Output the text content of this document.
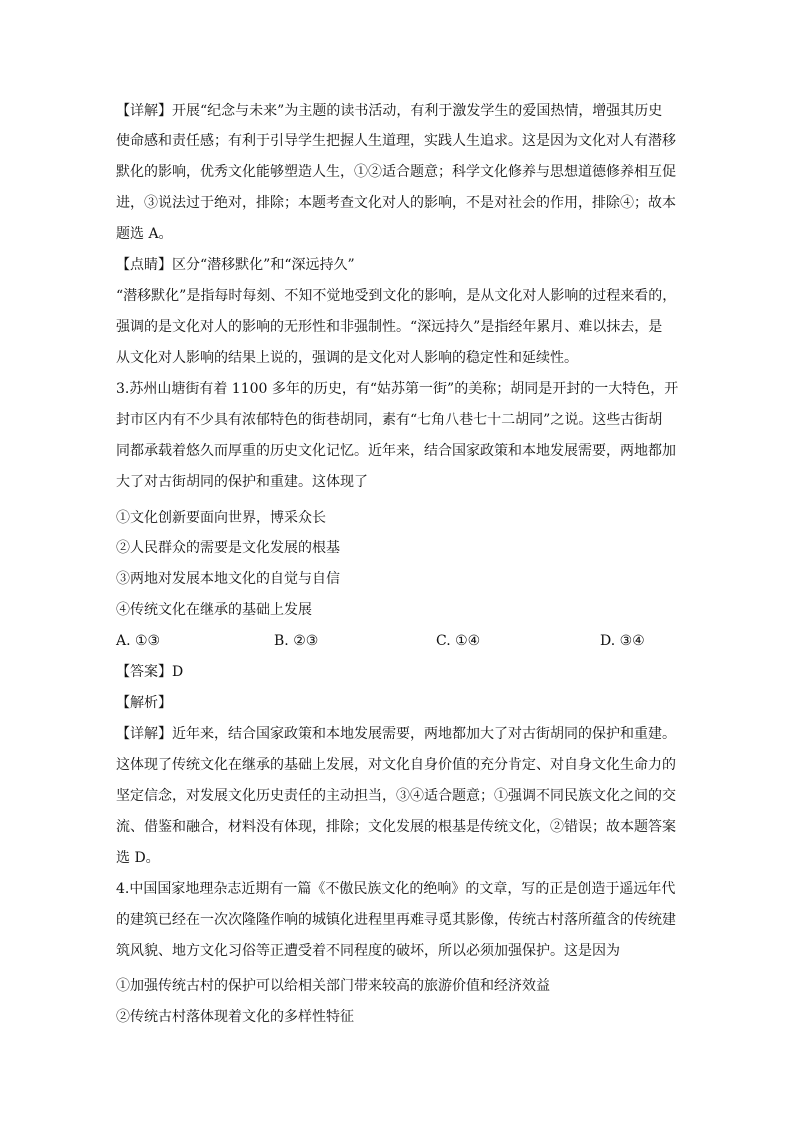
【详解】开展“纪念与未来”为主题的读书活动，有利于激发学生的爱国热情，增强其历史
使命感和责任感；有利于引导学生把握人生道理，实践人生追求。这是因为文化对人有潜移
默化的影响，优秀文化能够塑造人生，①②适合题意；科学文化修养与思想道德修养相互促
进，③说法过于绝对，排除；本题考查文化对人的影响，不是对社会的作用，排除④；故本
题选 A。
【点睛】区分“潜移默化”和“深远持久”
“潜移默化”是指每时每刻、不知不觉地受到文化的影响，是从文化对人影响的过程来看的，
强调的是文化对人的影响的无形性和非强制性。“深远持久”是指经年累月、难以抹去，是
从文化对人影响的结果上说的，强调的是文化对人影响的稳定性和延续性。
3.苏州山塘街有着 1100 多年的历史，有“姑苏第一街”的美称；胡同是开封的一大特色，开
封市区内有不少具有浓郁特色的街巷胡同，素有“七角八巷七十二胡同”之说。这些古街胡
同都承载着悠久而厚重的历史文化记忆。近年来，结合国家政策和本地发展需要，两地都加
大了对古街胡同的保护和重建。这体现了
①文化创新要面向世界，博采众长
②人民群众的需要是文化发展的根基
③两地对发展本地文化的自觉与自信
④传统文化在继承的基础上发展
A. ①③	B. ②③	C. ①④	D. ③④
【答案】D
【解析】
【详解】近年来，结合国家政策和本地发展需要，两地都加大了对古街胡同的保护和重建。
这体现了传统文化在继承的基础上发展，对文化自身价值的充分肯定、对自身文化生命力的
坚定信念，对发展文化历史责任的主动担当，③④适合题意；①强调不同民族文化之间的交
流、借鉴和融合，材料没有体现，排除；文化发展的根基是传统文化，②错误；故本题答案
选 D。
4.中国国家地理杂志近期有一篇《不傲民族文化的绝响》的文章，写的正是创造于遥远年代
的建筑已经在一次次隆隆作响的城镇化进程里再难寻觅其影像，传统古村落所蕴含的传统建
筑风貌、地方文化习俗等正遭受着不同程度的破坏，所以必须加强保护。这是因为
①加强传统古村的保护可以给相关部门带来较高的旅游价值和经济效益
②传统古村落体现着文化的多样性特征
